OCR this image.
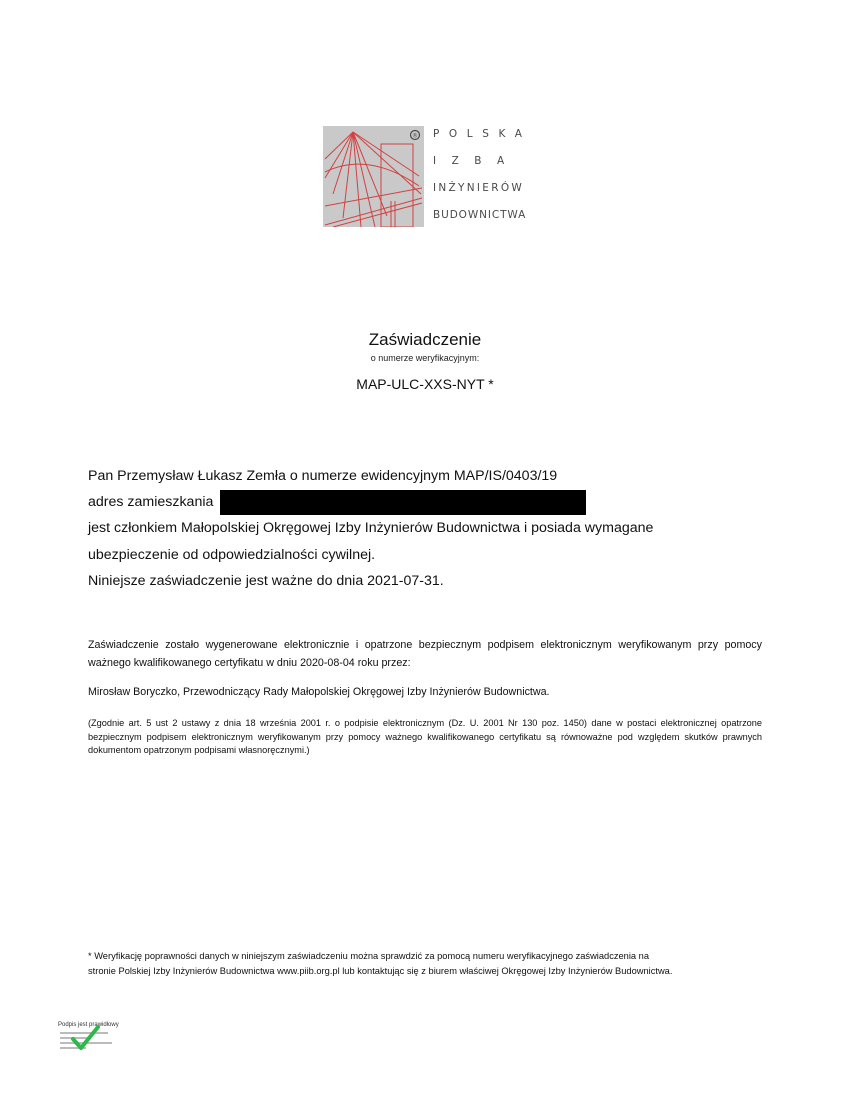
® POLSKA
IZBA
INŻYNIERÓW
BUDOWNICTWA
Zaświadczenie
o numerze weryfikacyjnym:
MAP-ULC-XXS-NYT *
Pan Przemysław Łukasz Zemła o numerze ewidencyjnym MAP/IS/0403/19
adres zamieszkania
jest członkiem Małopolskiej Okręgowej Izby Inżynierów Budownictwa i posiada wymagane
ubezpieczenie od odpowiedzialności cywilnej.
Niniejsze zaświadczenie jest ważne do dnia 2021-07-31.
Zaświadczenie zostało wygenerowane elektronicznie i opatrzone bezpiecznym podpisem elektronicznym weryfikowanym przy pomocy ważnego kwalifikowanego certyfikatu w dniu 2020-08-04 roku przez:
Mirosław Boryczko, Przewodniczący Rady Małopolskiej Okręgowej Izby Inżynierów Budownictwa.
(Zgodnie art. 5 ust 2 ustawy z dnia 18 września 2001 r. o podpisie elektronicznym (Dz. U. 2001 Nr 130 poz. 1450) dane w postaci elektronicznej opatrzone bezpiecznym podpisem elektronicznym weryfikowanym przy pomocy ważnego kwalifikowanego certyfikatu są równoważne pod względem skutków prawnych dokumentom opatrzonym podpisami własnoręcznymi.)
* Weryfikację poprawności danych w niniejszym zaświadczeniu można sprawdzić za pomocą numeru weryfikacyjnego zaświadczenia na
stronie Polskiej Izby Inżynierów Budownictwa www.piib.org.pl lub kontaktując się z biurem właściwej Okręgowej Izby Inżynierów Budownictwa.
Podpis jest prawidłowy
